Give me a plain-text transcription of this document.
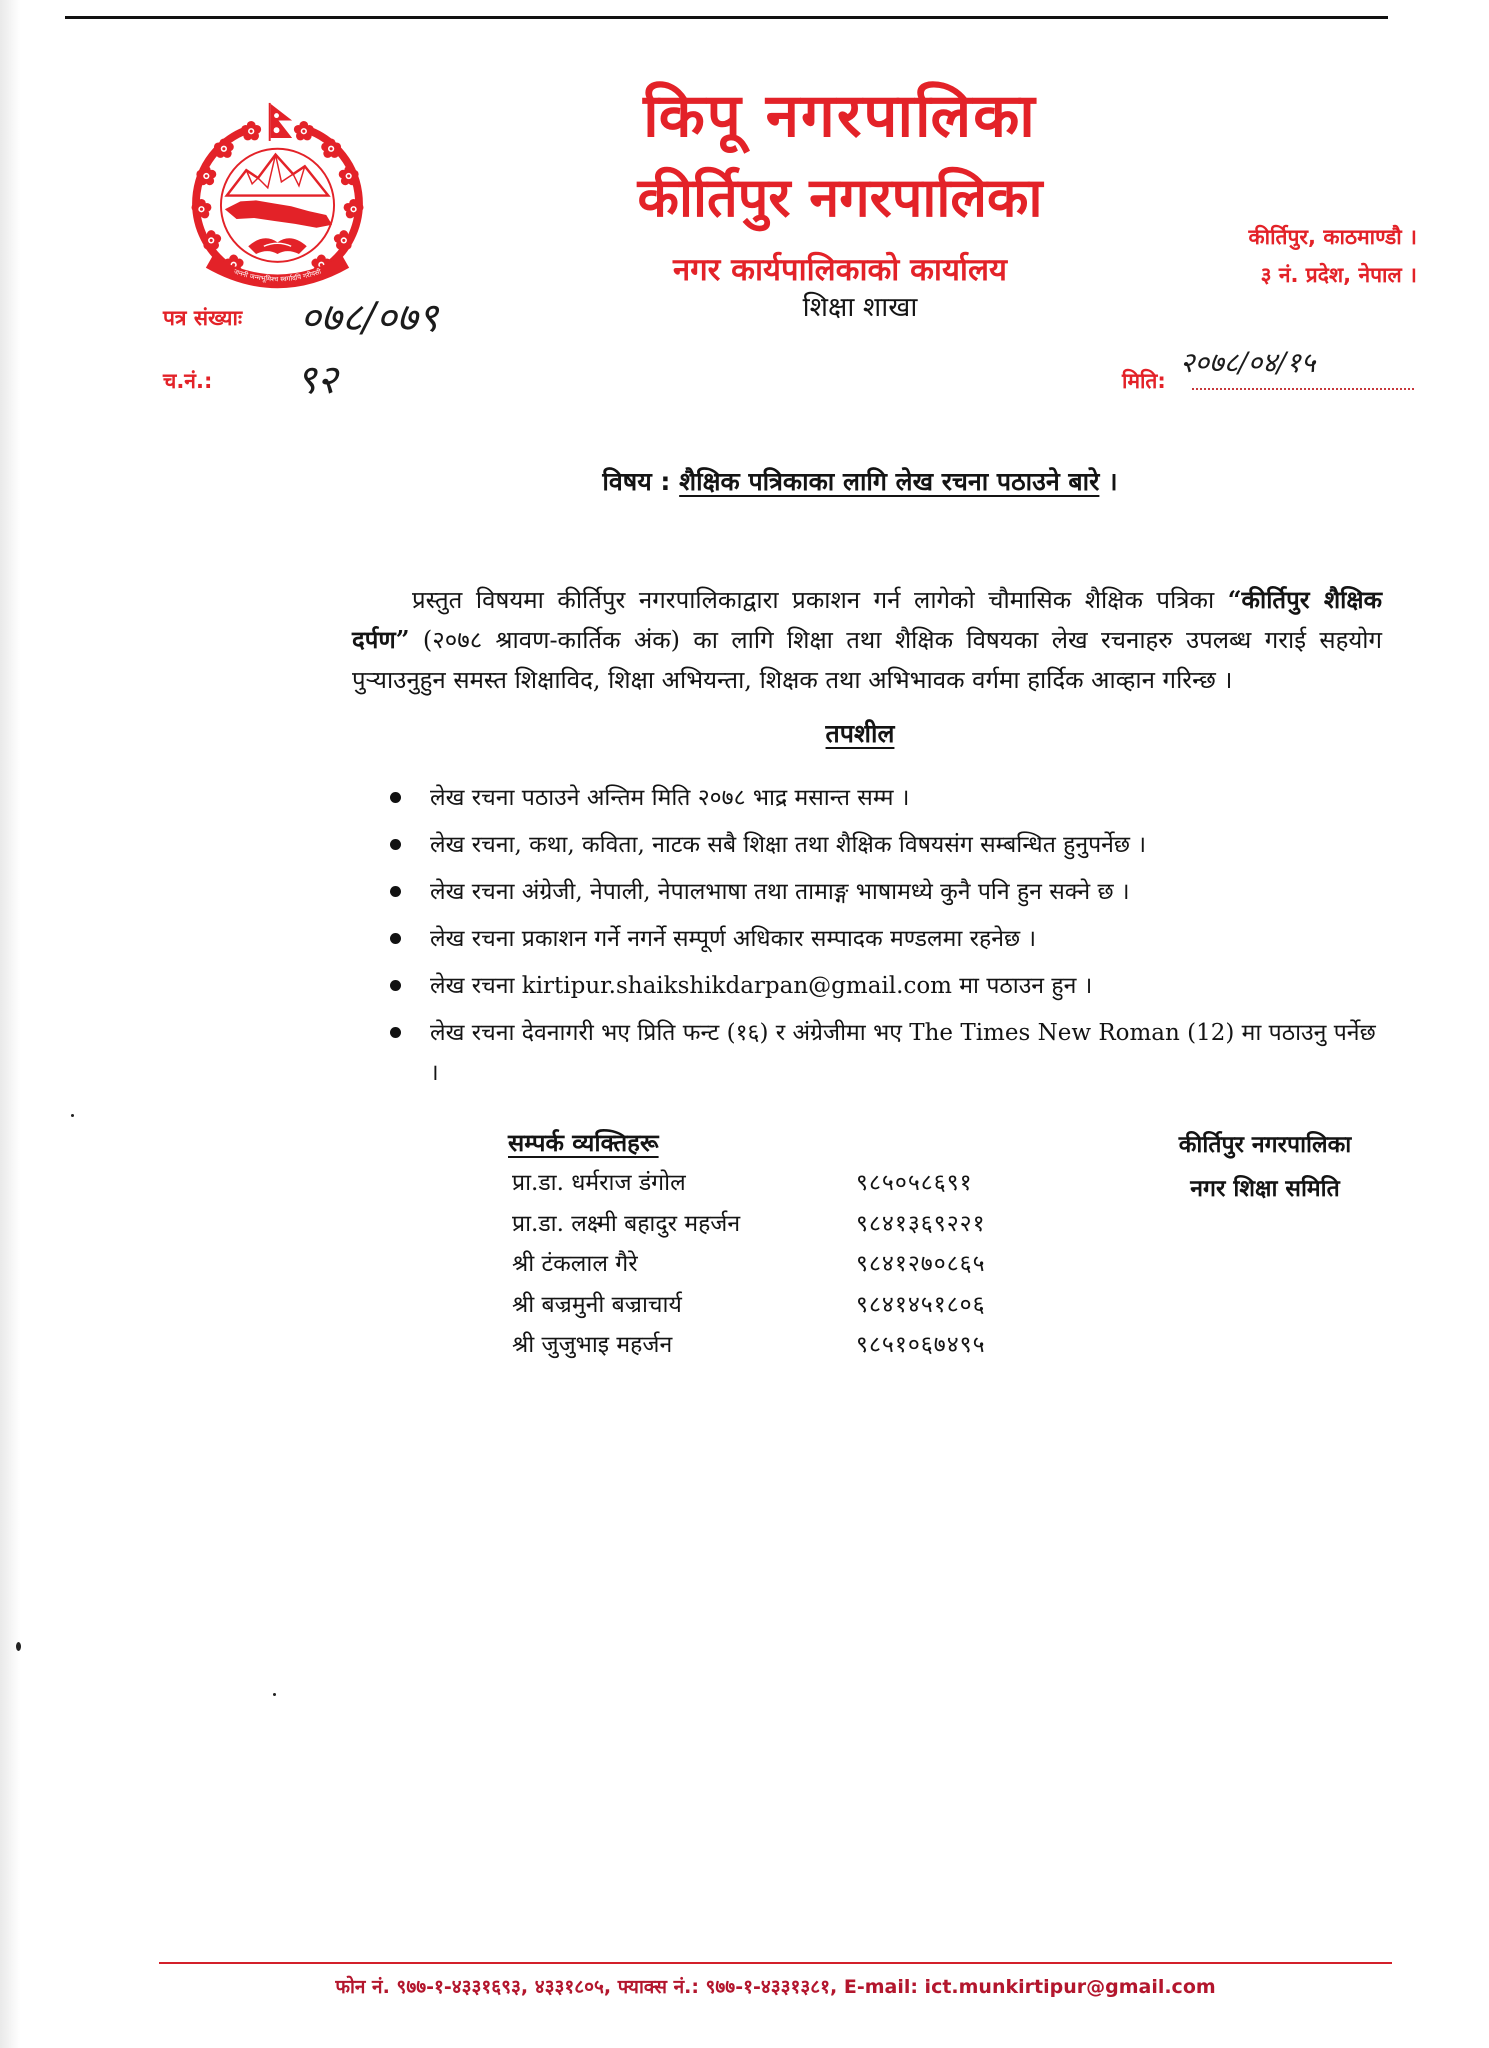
जननी जन्मभूमिश्च स्वर्गादपि गरीयसी
किपू नगरपालिका
कीर्तिपुर नगरपालिका
नगर कार्यपालिकाको कार्यालय
शिक्षा शाखा
कीर्तिपुर, काठमाण्डौ ।
३ नं. प्रदेश, नेपाल ।
पत्र संख्याः ०७८/०७९
च.नं.: ९२	मिति:
२०७८/०४/१५
विषय : शैक्षिक पत्रिकाका लागि लेख रचना पठाउने बारे ।

प्रस्तुत विषयमा कीर्तिपुर नगरपालिकाद्वारा प्रकाशन गर्न लागेको चौमासिक शैक्षिक पत्रिका “कीर्तिपुर शैक्षिक दर्पण” (२०७८ श्रावण-कार्तिक अंक) का लागि शिक्षा तथा शैक्षिक विषयका लेख रचनाहरु उपलब्ध गराई सहयोग पुऱ्याउनुहुन समस्त शिक्षाविद, शिक्षा अभियन्ता, शिक्षक तथा अभिभावक वर्गमा हार्दिक आव्हान गरिन्छ ।

तपशील
लेख रचना पठाउने अन्तिम मिति २०७८ भाद्र मसान्त सम्म ।
लेख रचना, कथा, कविता, नाटक सबै शिक्षा तथा शैक्षिक विषयसंग सम्बन्धित हुनुपर्नेछ ।
लेख रचना अंग्रेजी, नेपाली, नेपालभाषा तथा तामाङ्ग भाषामध्ये कुनै पनि हुन सक्ने छ ।
लेख रचना प्रकाशन गर्ने नगर्ने सम्पूर्ण अधिकार सम्पादक मण्डलमा रहनेछ ।
लेख रचना kirtipur.shaikshikdarpan@gmail.com मा पठाउन हुन ।
लेख रचना देवनागरी भए प्रिति फन्ट (१६) र अंग्रेजीमा भए The Times New Roman (12) मा पठाउनु पर्नेछ ।
सम्पर्क व्यक्तिहरू
प्रा.डा. धर्मराज डंगोल	९८५०५८६९१
प्रा.डा. लक्ष्मी बहादुर महर्जन	९८४१३६९२२१
श्री टंकलाल गैरे	९८४१२७०८६५
श्री बज्रमुनी बज्राचार्य	९८४१४५१८०६
श्री जुजुभाइ महर्जन	९८५१०६७४९५
कीर्तिपुर नगरपालिका
नगर शिक्षा समिति
फोन नं. ९७७-१-४३३१६९३, ४३३१८०५, फ्याक्स नं.: ९७७-१-४३३१३८१, E-mail: ict.munkirtipur@gmail.com
